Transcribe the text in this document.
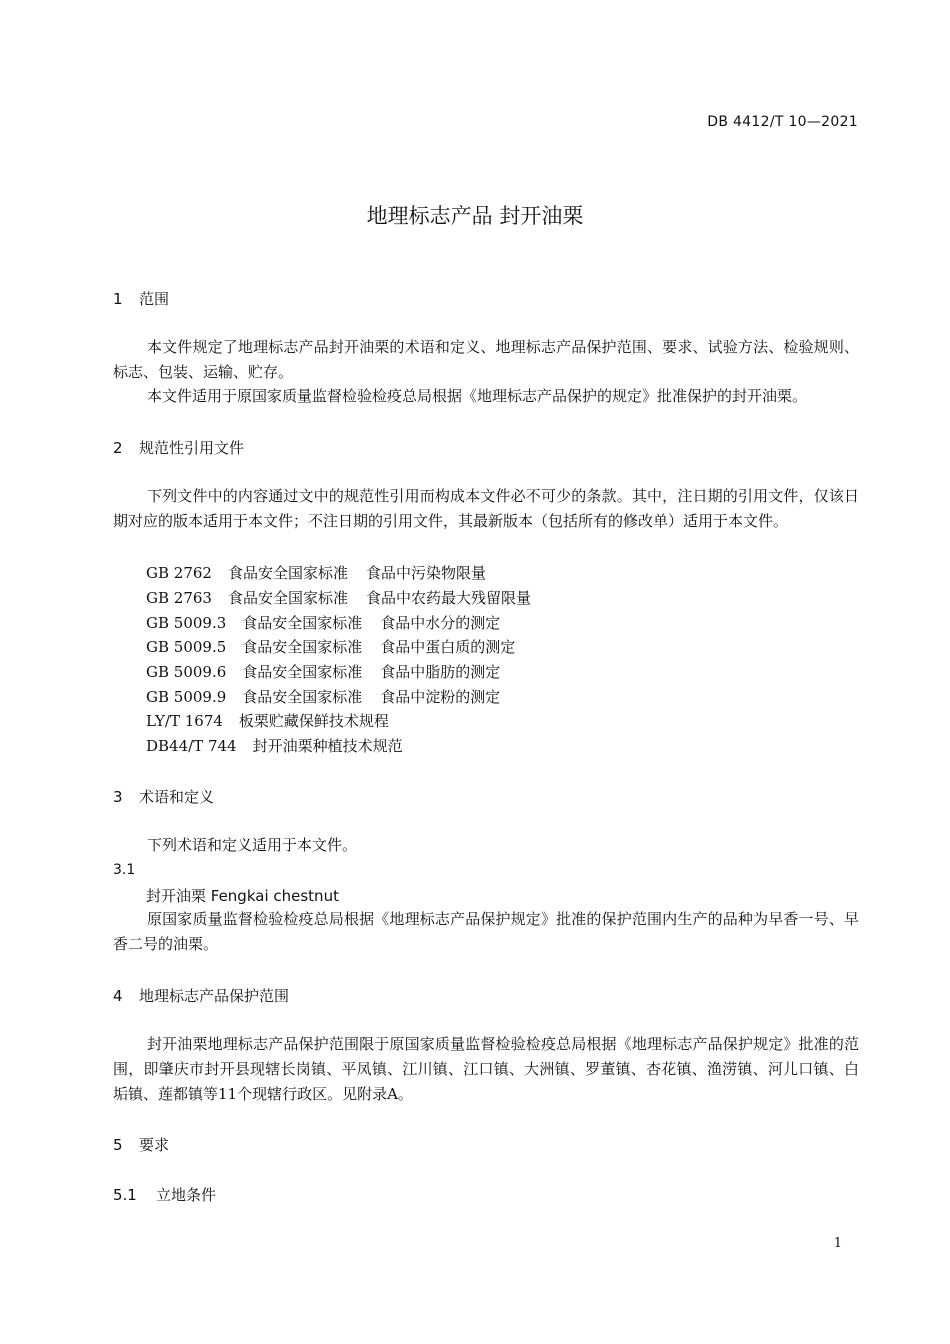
DB 4412/T 10—2021
地理标志产品 封开油栗
1 范围
本文件规定了地理标志产品封开油栗的术语和定义、地理标志产品保护范围、要求、试验方法、检验规则、标志、包装、运输、贮存。
本文件适用于原国家质量监督检验检疫总局根据《地理标志产品保护的规定》批准保护的封开油栗。
2 规范性引用文件
下列文件中的内容通过文中的规范性引用而构成本文件必不可少的条款。其中，注日期的引用文件，仅该日期对应的版本适用于本文件；不注日期的引用文件，其最新版本（包括所有的修改单）适用于本文件。
GB 2762 食品安全国家标准 食品中污染物限量
GB 2763 食品安全国家标准 食品中农药最大残留限量
GB 5009.3 食品安全国家标准 食品中水分的测定
GB 5009.5 食品安全国家标准 食品中蛋白质的测定
GB 5009.6 食品安全国家标准 食品中脂肪的测定
GB 5009.9 食品安全国家标准 食品中淀粉的测定
LY/T 1674 板栗贮藏保鲜技术规程
DB44/T 744 封开油栗种植技术规范
3 术语和定义
下列术语和定义适用于本文件。
3.1
封开油栗 Fengkai chestnut
原国家质量监督检验检疫总局根据《地理标志产品保护规定》批准的保护范围内生产的品种为早香一号、早香二号的油栗。
4 地理标志产品保护范围
封开油栗地理标志产品保护范围限于原国家质量监督检验检疫总局根据《地理标志产品保护规定》批准的范围，即肇庆市封开县现辖长岗镇、平凤镇、江川镇、江口镇、大洲镇、罗董镇、杏花镇、渔涝镇、河儿口镇、白垢镇、莲都镇等11个现辖行政区。见附录A。
5 要求
5.1 立地条件
1
